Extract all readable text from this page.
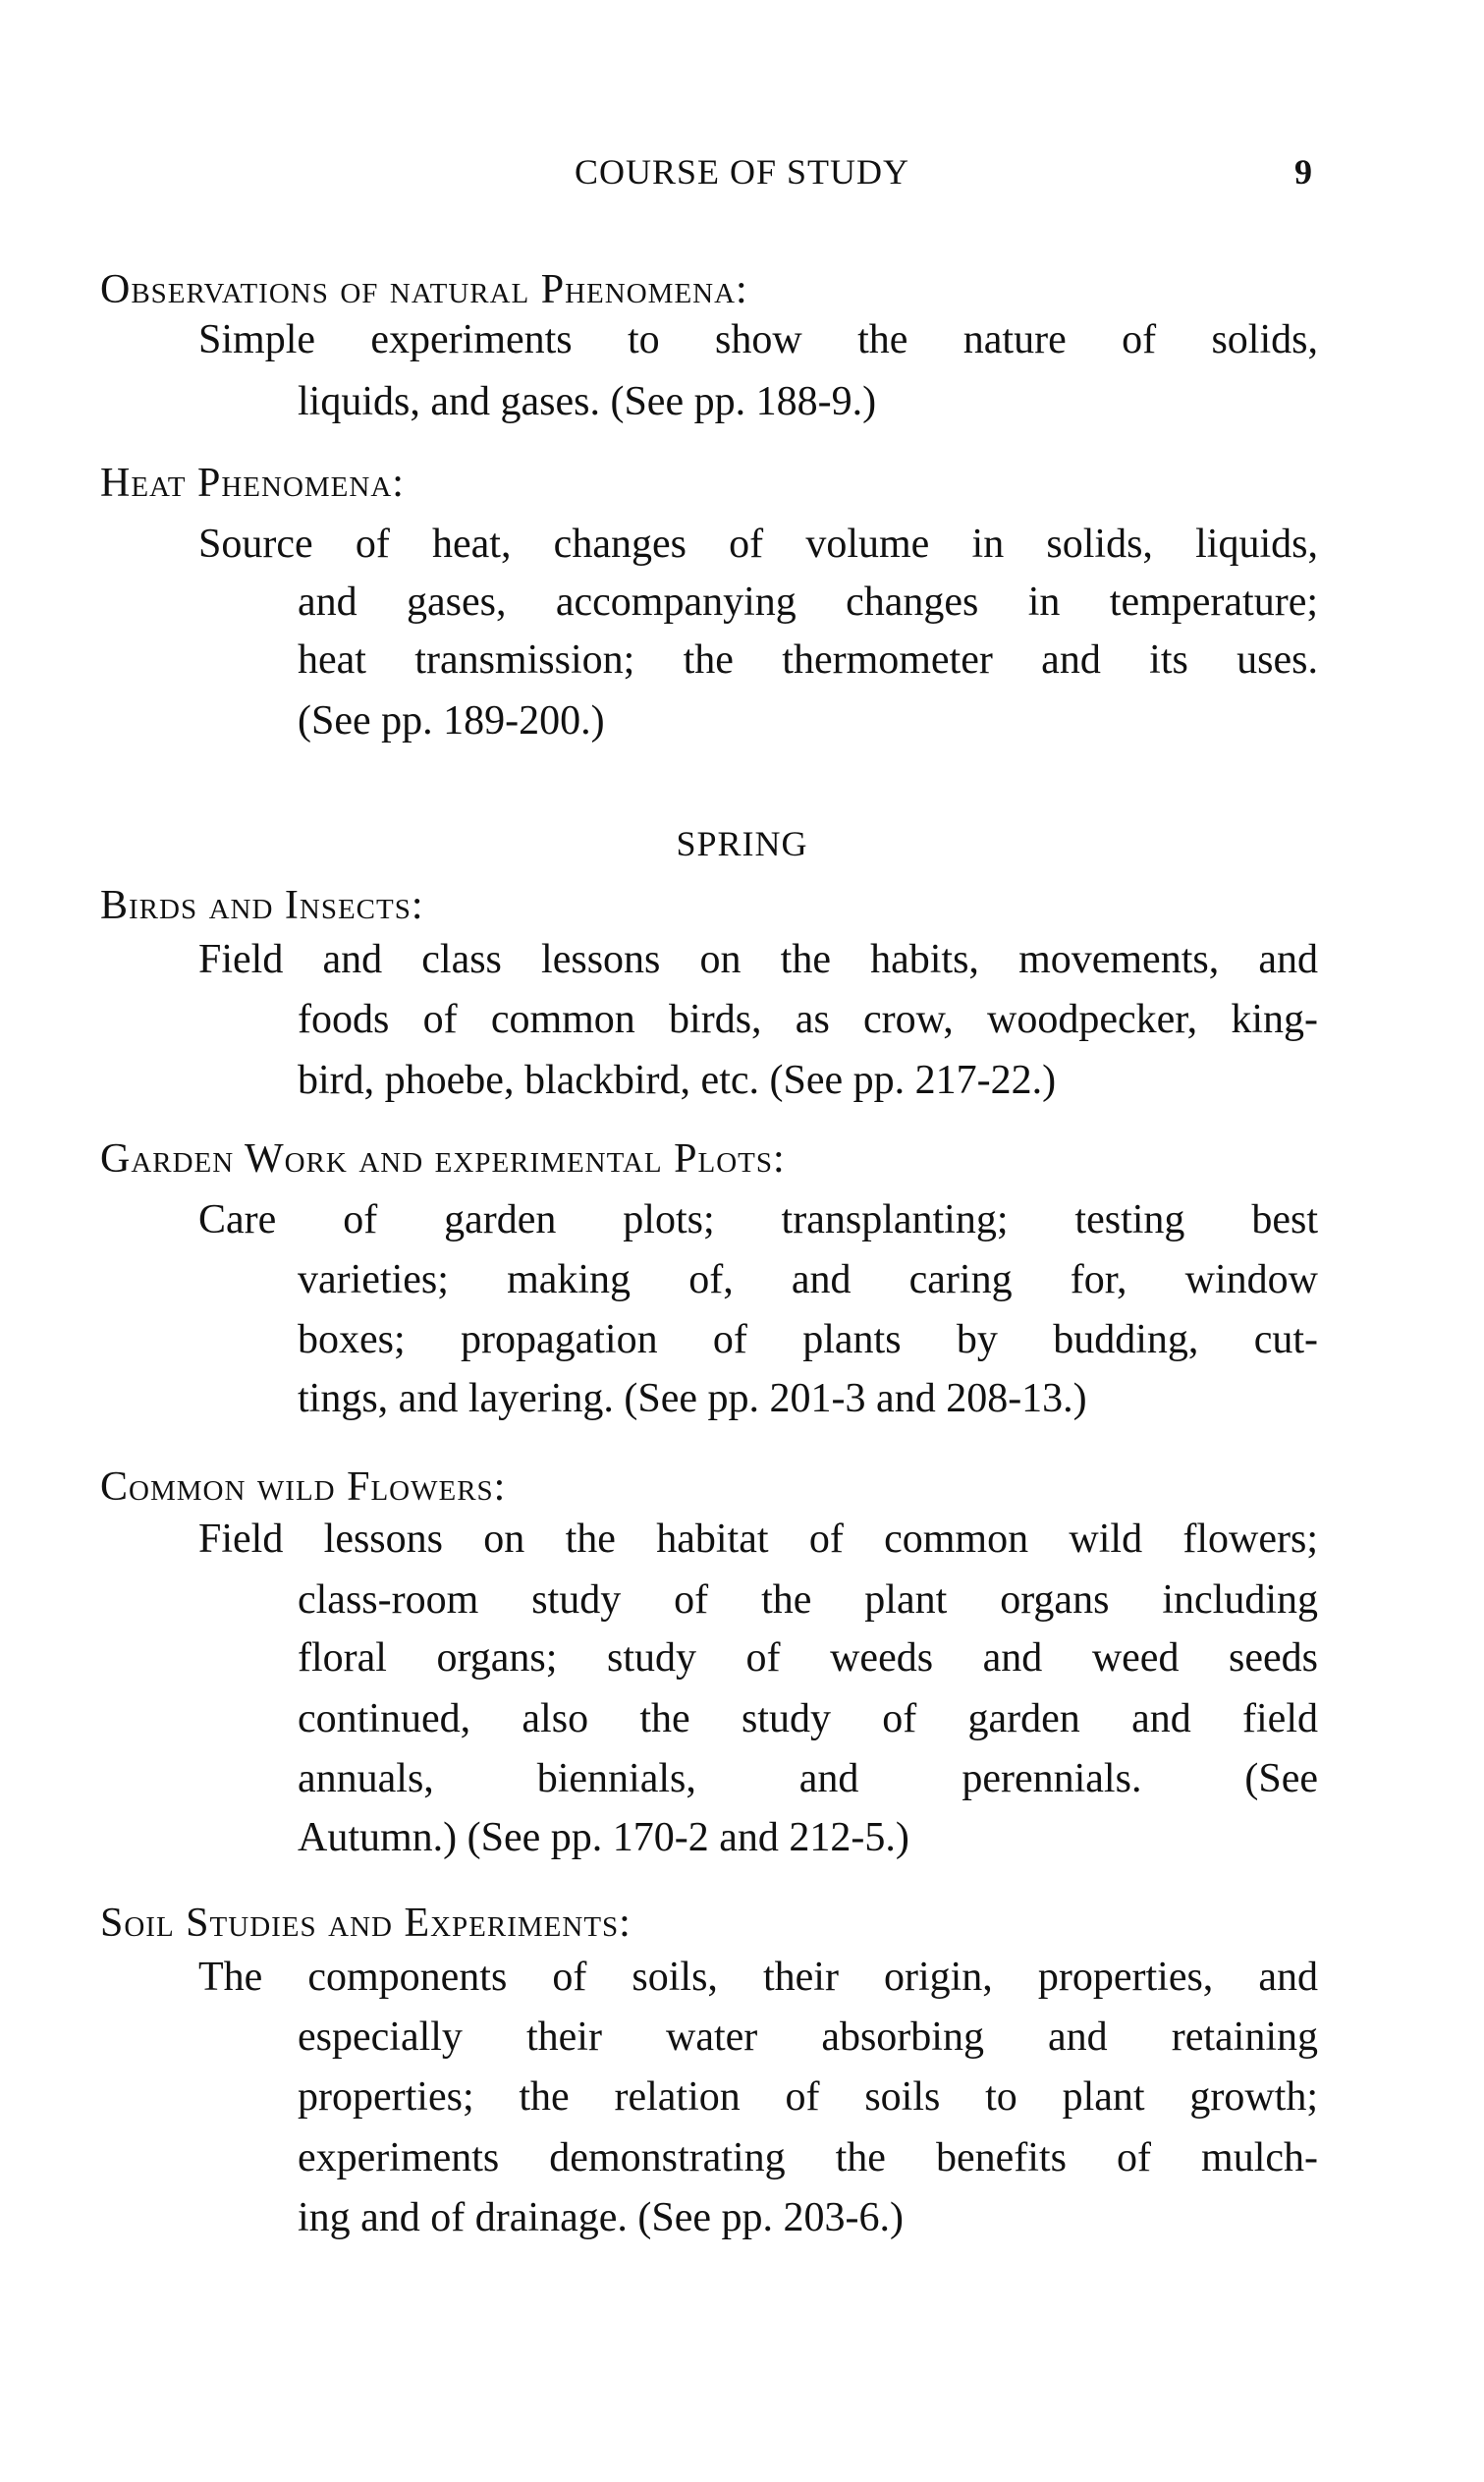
COURSE OF STUDY	9
Observations of natural Phenomena:
Simple experiments to show the nature of solids,
liquids, and gases. (See pp. 188-9.)
Heat Phenomena:
Source of heat, changes of volume in solids, liquids,
and gases, accompanying changes in temperature;
heat transmission; the thermometer and its uses.
(See pp. 189-200.)
SPRING
Birds and Insects:
Field and class lessons on the habits, movements, and
foods of common birds, as crow, woodpecker, king-
bird, phoebe, blackbird, etc. (See pp. 217-22.)
Garden Work and experimental Plots:
Care of garden plots; transplanting; testing best
varieties; making of, and caring for, window
boxes; propagation of plants by budding, cut-
tings, and layering. (See pp. 201-3 and 208-13.)
Common wild Flowers:
Field lessons on the habitat of common wild flowers;
class-room study of the plant organs including
floral organs; study of weeds and weed seeds
continued, also the study of garden and field
annuals, biennials, and perennials. (See
Autumn.) (See pp. 170-2 and 212-5.)
Soil Studies and Experiments:
The components of soils, their origin, properties, and
especially their water absorbing and retaining
properties; the relation of soils to plant growth;
experiments demonstrating the benefits of mulch-
ing and of drainage. (See pp. 203-6.)
